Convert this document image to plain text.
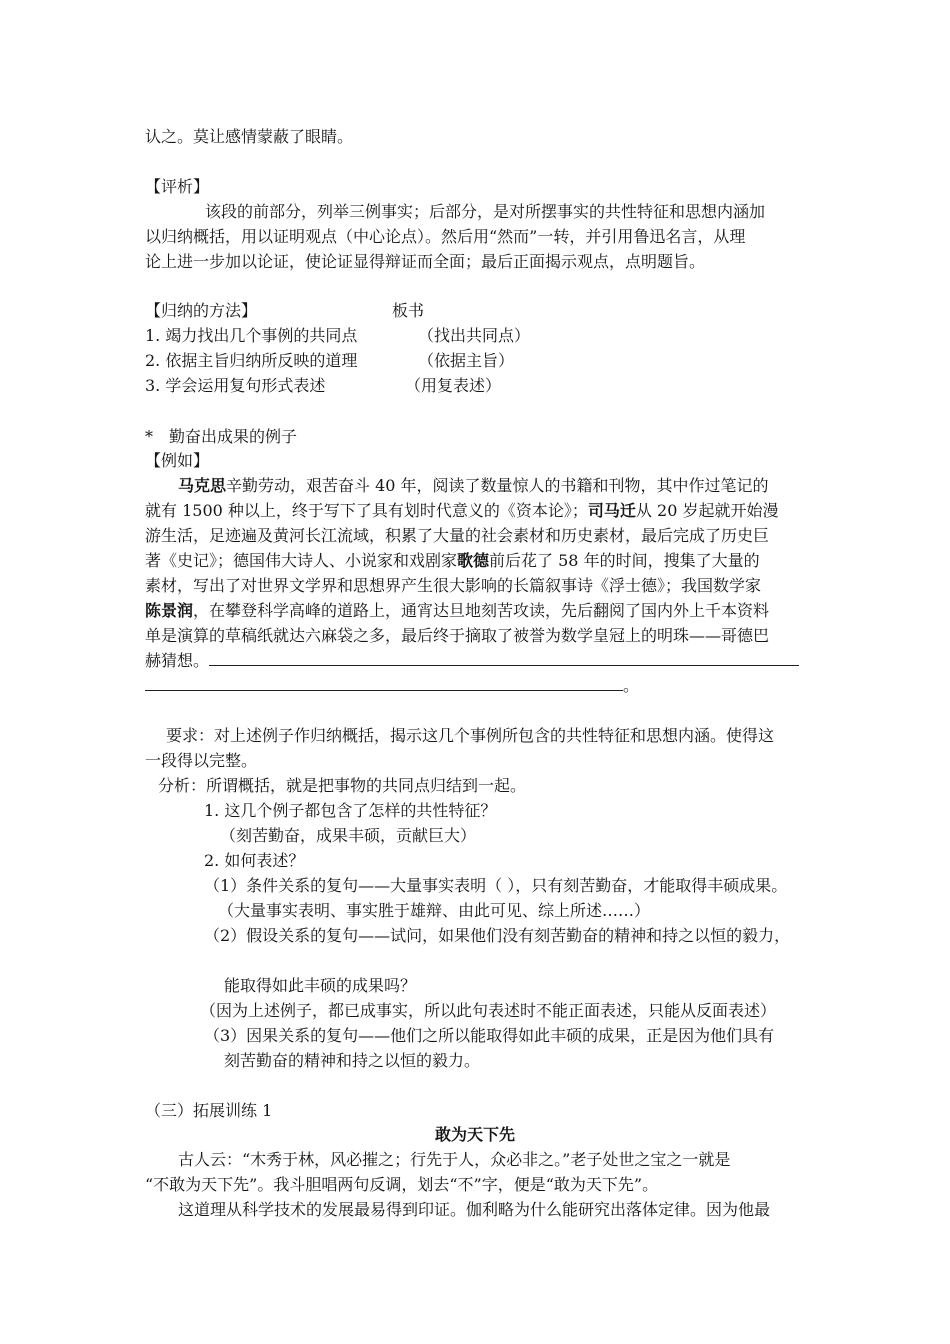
认之。莫让感情蒙蔽了眼睛。
【评析】
该段的前部分，列举三例事实；后部分，是对所摆事实的共性特征和思想内涵加
以归纳概括，用以证明观点（中心论点）。然后用“然而”一转，并引用鲁迅名言，从理
论上进一步加以论证，使论证显得辩证而全面；最后正面揭示观点，点明题旨。
【归纳的方法】	板书
1. 竭力找出几个事例的共同点	（找出共同点）
2. 依据主旨归纳所反映的道理	（依据主旨）
3. 学会运用复句形式表述	（用复表述）
*　勤奋出成果的例子
【例如】
马克思辛勤劳动，艰苦奋斗 40 年，阅读了数量惊人的书籍和刊物，其中作过笔记的
就有 1500 种以上，终于写下了具有划时代意义的《资本论》；司马迁从 20 岁起就开始漫
游生活，足迹遍及黄河长江流域，积累了大量的社会素材和历史素材，最后完成了历史巨
著《史记》；德国伟大诗人、小说家和戏剧家歌德前后花了 58 年的时间，搜集了大量的
素材，写出了对世界文学界和思想界产生很大影响的长篇叙事诗《浮士德》；我国数学家
陈景润，在攀登科学高峰的道路上，通宵达旦地刻苦攻读，先后翻阅了国内外上千本资料
单是演算的草稿纸就达六麻袋之多，最后终于摘取了被誉为数学皇冠上的明珠——哥德巴
赫猜想。
。
要求：对上述例子作归纳概括，揭示这几个事例所包含的共性特征和思想内涵。使得这
一段得以完整。
分析：所谓概括，就是把事物的共同点归结到一起。
1. 这几个例子都包含了怎样的共性特征？
（刻苦勤奋，成果丰硕，贡献巨大）
2. 如何表述？
（1）条件关系的复句——大量事实表明（ ），只有刻苦勤奋，才能取得丰硕成果。
（大量事实表明、事实胜于雄辩、由此可见、综上所述……）
（2）假设关系的复句——试问，如果他们没有刻苦勤奋的精神和持之以恒的毅力，
能取得如此丰硕的成果吗？
（因为上述例子，都已成事实，所以此句表述时不能正面表述，只能从反面表述）
（3）因果关系的复句——他们之所以能取得如此丰硕的成果，正是因为他们具有
刻苦勤奋的精神和持之以恒的毅力。
（三）拓展训练 1
敢为天下先
古人云：“木秀于林，风必摧之；行先于人，众必非之。”老子处世之宝之一就是
“不敢为天下先”。我斗胆唱两句反调，划去“不”字，便是“敢为天下先”。
这道理从科学技术的发展最易得到印证。伽利略为什么能研究出落体定律。因为他最
